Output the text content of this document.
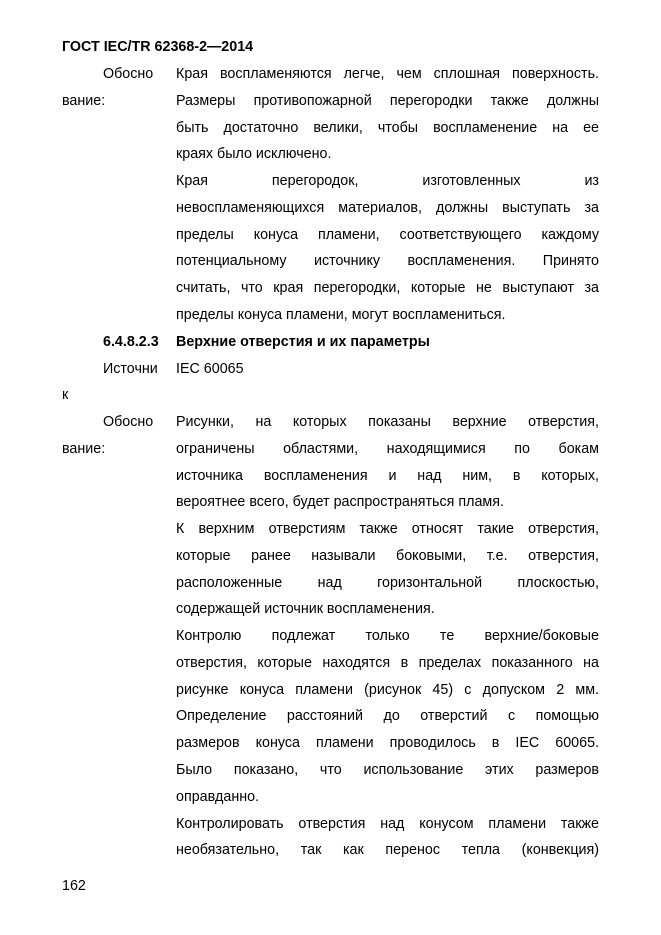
ГОСТ IEC/TR 62368-2—2014
Обосно
вание:
Края воспламеняются легче, чем сплошная поверхность.
Размеры противопожарной перегородки также должны
быть достаточно велики, чтобы воспламенение на ее
краях было исключено.
Края перегородок, изготовленных из
невоспламеняющихся материалов, должны выступать за
пределы конуса пламени, соответствующего каждому
потенциальному источнику воспламенения. Принято
считать, что края перегородки, которые не выступают за
пределы конуса пламени, могут воспламениться.
6.4.8.2.3 Верхние отверстия и их параметры
Источни
к
IEC 60065
Обосно
вание:
Рисунки, на которых показаны верхние отверстия,
ограничены областями, находящимися по бокам
источника воспламенения и над ним, в которых,
вероятнее всего, будет распространяться пламя.
К верхним отверстиям также относят такие отверстия,
которые ранее называли боковыми, т.е. отверстия,
расположенные над горизонтальной плоскостью,
содержащей источник воспламенения.
Контролю подлежат только те верхние/боковые
отверстия, которые находятся в пределах показанного на
рисунке конуса пламени (рисунок 45) с допуском 2 мм.
Определение расстояний до отверстий с помощью
размеров конуса пламени проводилось в IEC 60065.
Было показано, что использование этих размеров
оправданно.
Контролировать отверстия над конусом пламени также
необязательно, так как перенос тепла (конвекция)
162
